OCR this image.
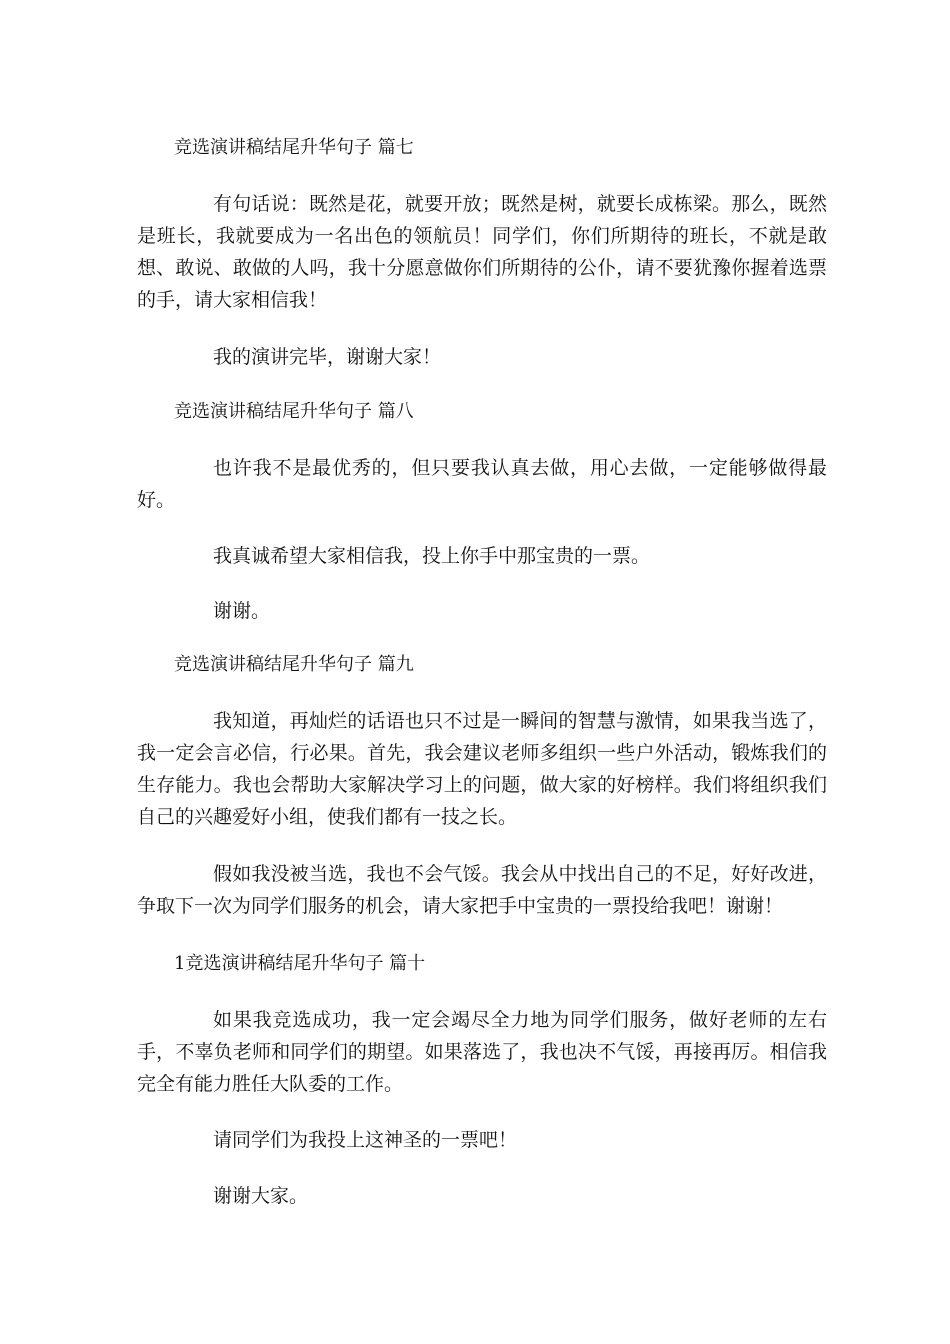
竞选演讲稿结尾升华句子 篇七
有句话说：既然是花，就要开放；既然是树，就要长成栋梁。那么，既然是班长，我就要成为一名出色的领航员！同学们，你们所期待的班长，不就是敢想、敢说、敢做的人吗，我十分愿意做你们所期待的公仆，请不要犹豫你握着选票的手，请大家相信我！
我的演讲完毕，谢谢大家！
竞选演讲稿结尾升华句子 篇八
也许我不是最优秀的，但只要我认真去做，用心去做，一定能够做得最好。
我真诚希望大家相信我，投上你手中那宝贵的一票。
谢谢。
竞选演讲稿结尾升华句子 篇九
我知道，再灿烂的话语也只不过是一瞬间的智慧与激情，如果我当选了，我一定会言必信，行必果。首先，我会建议老师多组织一些户外活动，锻炼我们的生存能力。我也会帮助大家解决学习上的问题，做大家的好榜样。我们将组织我们自己的兴趣爱好小组，使我们都有一技之长。
假如我没被当选，我也不会气馁。我会从中找出自己的不足，好好改进，争取下一次为同学们服务的机会，请大家把手中宝贵的一票投给我吧！谢谢！
1竞选演讲稿结尾升华句子 篇十
如果我竞选成功，我一定会竭尽全力地为同学们服务，做好老师的左右手，不辜负老师和同学们的期望。如果落选了，我也决不气馁，再接再厉。相信我完全有能力胜任大队委的工作。
请同学们为我投上这神圣的一票吧！
谢谢大家。
